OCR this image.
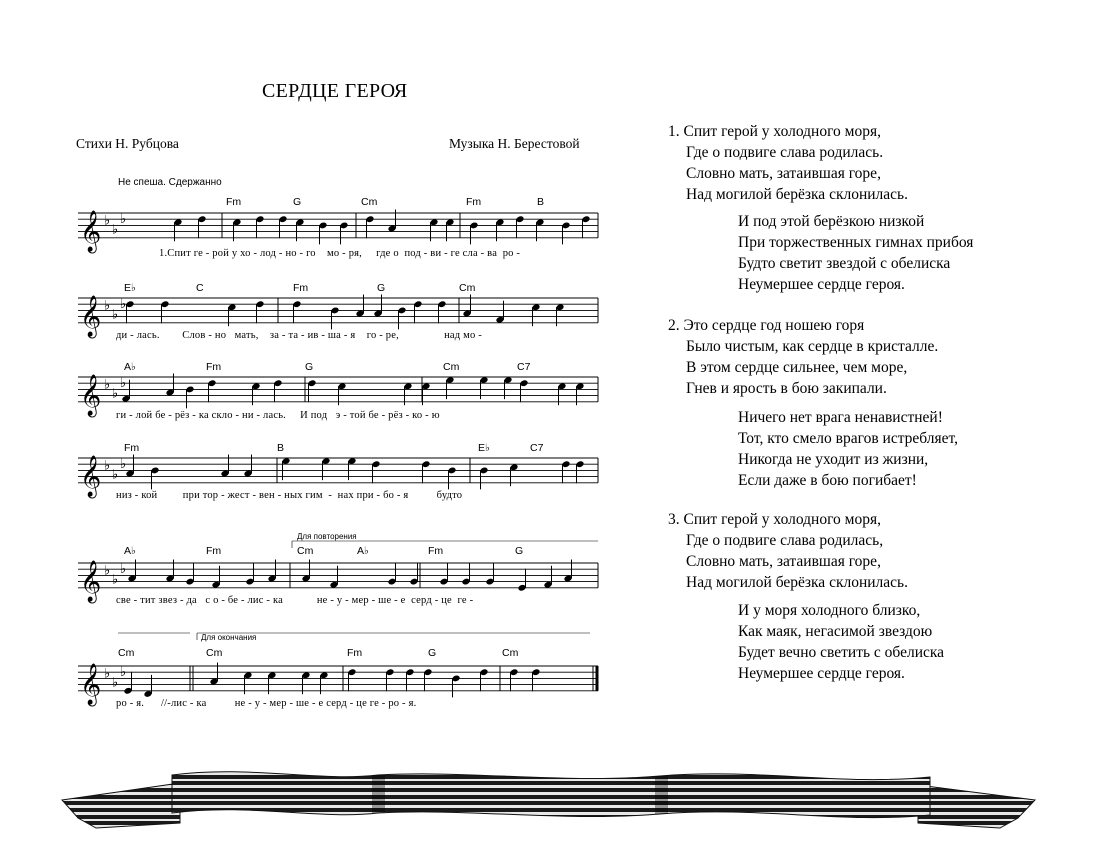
СЕРДЦЕ ГЕРОЯ
Стихи Н. Рубцова	Музыка Н. Берестовой
Не спеша. Сдержанно
𝄞 ♭
♭
♭
𝄞 ♭
♭
♭
𝄞 ♭
♭
♭
𝄞 ♭
♭
♭
𝄞 ♭
♭
♭
𝄞 ♭
♭
♭
Fm	G	Cm	Fm	B
E♭	C	Fm	G	Cm
A♭	Fm	G	Cm	C7
Fm	B	E♭	C7
A♭	Fm	Cm	A♭	Fm	G
Cm	Cm	Fm	G	Cm
1.Спит ге - рой у хо - лод - но - го    мо - ря,     где о  под - ви - ге сла - ва  ро -
ди - лась.        Слов - но   мать,    за - та - ив - ша - я    го - ре,                над мо -
ги - лой бе - рёз - ка скло - ни - лась.     И под   э - той бе - рёз - ко - ю
низ - кой         при тор - жест - вен - ных гим  -  нах при - бо - я          будто
све - тит звез - да   с о - бе - лис - ка            не - у - мер - ше - е  серд - це  ге -
ро - я.      //-лис - ка          не - у - мер - ше - е серд - це ге - ро - я.
Для повторения
Для окончания
1. Спит герой у холодного моря,
Где о подвиге слава родилась.
Словно мать, затаившая горе,
Над могилой берёзка склонилась.
И под этой берёзкою низкой
При торжественных гимнах прибоя
Будто светит звездой с обелиска
Неумершее сердце героя.
2. Это сердце год ношею горя
Было чистым, как сердце в кристалле.
В этом сердце сильнее, чем море,
Гнев и ярость в бою закипали.
Ничего нет врага ненавистней!
Тот, кто смело врагов истребляет,
Никогда не уходит из жизни,
Если даже в бою погибает!
3. Спит герой у холодного моря,
Где о подвиге слава родилась,
Словно мать, затаившая горе,
Над могилой берёзка склонилась.
И у моря холодного близко,
Как маяк, негасимой звездою
Будет вечно светить с обелиска
Неумершее сердце героя.
